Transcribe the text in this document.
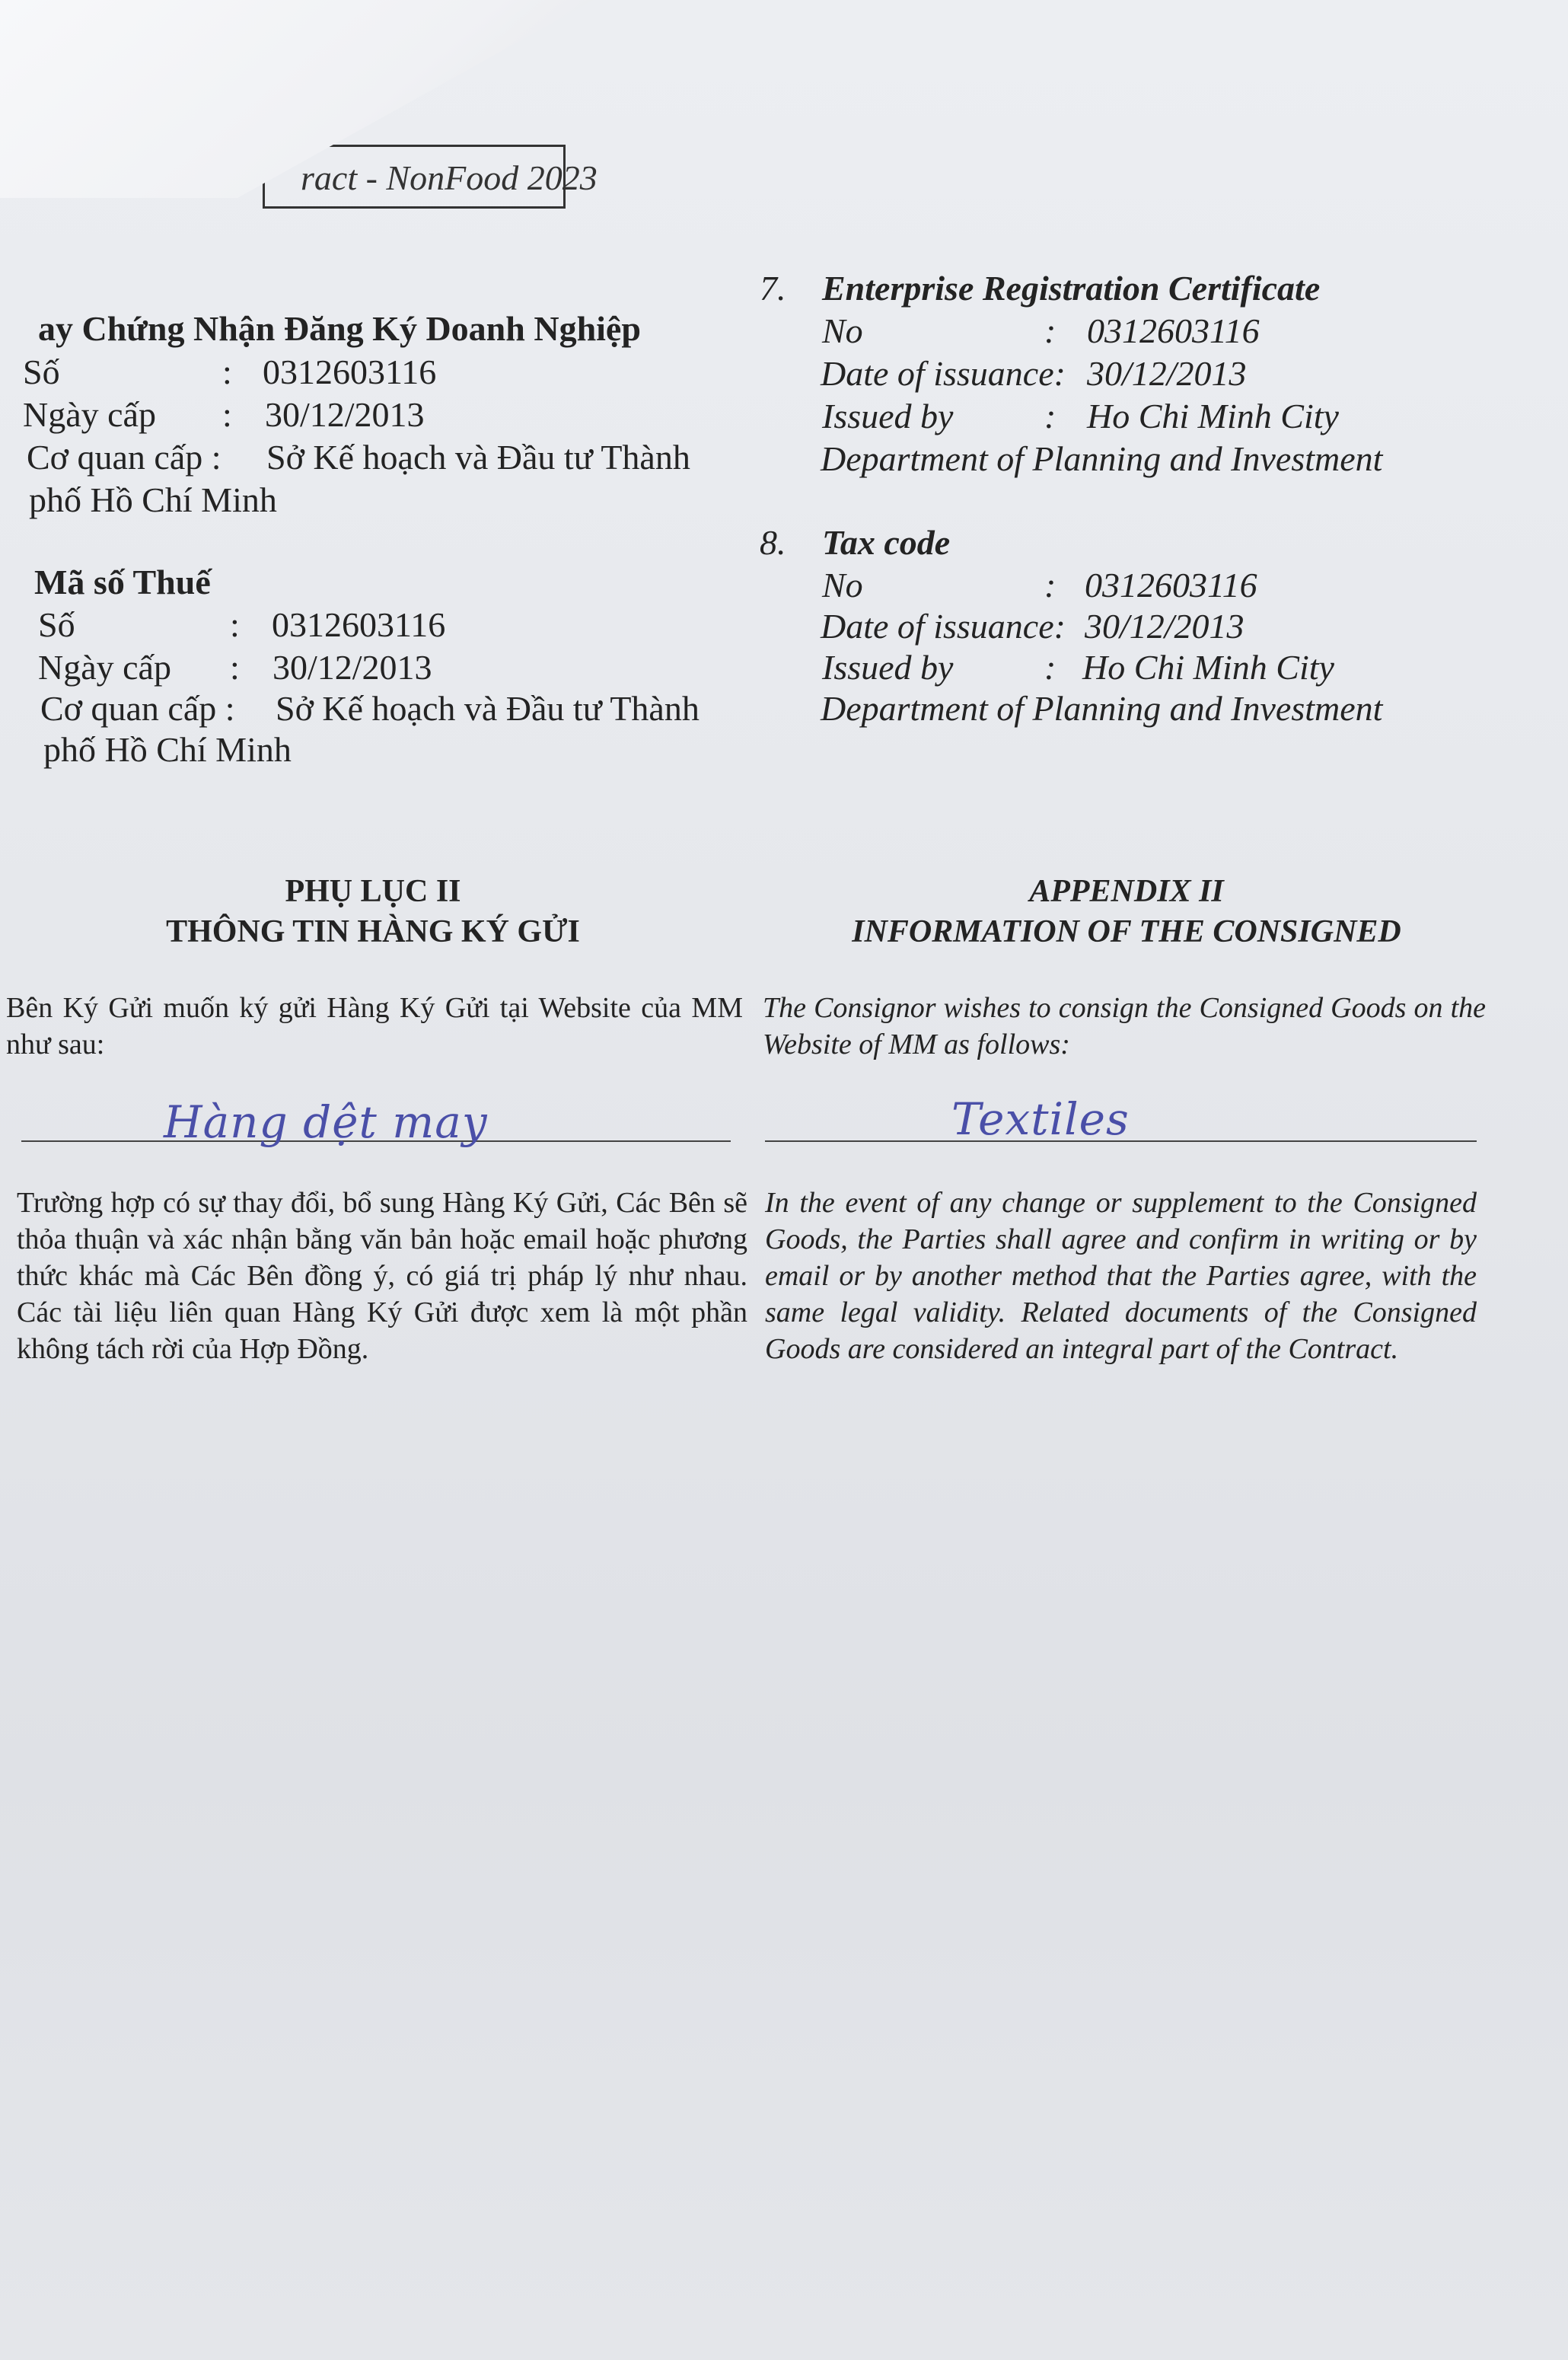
ract - NonFood 2023
ay Chứng Nhận Đăng Ký Doanh Nghiệp
Số	: 0312603116
Ngày cấp : 30/12/2013
Cơ quan cấp : Sở Kế hoạch và Đầu tư Thành
phố Hồ Chí Minh
Mã số Thuế
Số	: 0312603116
Ngày cấp : 30/12/2013
Cơ quan cấp : Sở Kế hoạch và Đầu tư Thành
phố Hồ Chí Minh
PHỤ LỤC II
THÔNG TIN HÀNG KÝ GỬI
Bên Ký Gửi muốn ký gửi Hàng Ký Gửi tại Website của MM như sau:
Hàng dệt may
Trường hợp có sự thay đổi, bổ sung Hàng Ký Gửi, Các Bên sẽ thỏa thuận và xác nhận bằng văn bản hoặc email hoặc phương thức khác mà Các Bên đồng ý, có giá trị pháp lý như nhau. Các tài liệu liên quan Hàng Ký Gửi được xem là một phần không tách rời của Hợp Đồng.
7. Enterprise Registration Certificate
No	: 0312603116
Date of issuance: 30/12/2013
Issued by	: Ho Chi Minh City
Department of Planning and Investment
8. Tax code
No	: 0312603116
Date of issuance: 30/12/2013
Issued by	: Ho Chi Minh City
Department of Planning and Investment
APPENDIX II
INFORMATION OF THE CONSIGNED
The Consignor wishes to consign the Consigned Goods on the Website of MM as follows:
Textiles
In the event of any change or supplement to the Consigned Goods, the Parties shall agree and confirm in writing or by email or by another method that the Parties agree, with the same legal validity. Related documents of the Consigned Goods are considered an integral part of the Contract.
